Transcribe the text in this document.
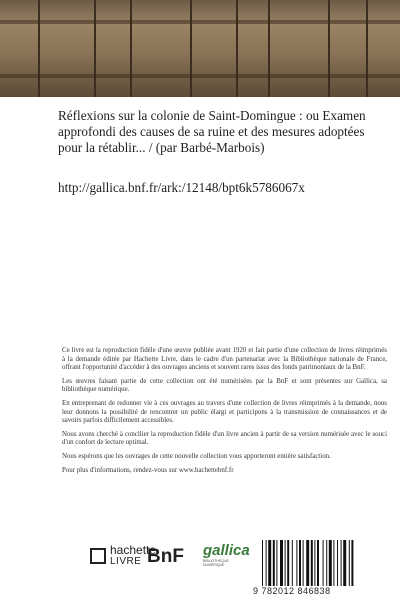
Réflexions sur la colonie de Saint-Domingue : ou Examen approfondi des causes de sa ruine et des mesures adoptées pour la rétablir... / (par Barbé-Marbois)
http://gallica.bnf.fr/ark:/12148/bpt6k5786067x

Ce livre est la reproduction fidèle d'une œuvre publiée avant 1920 et fait partie d'une collection de livres réimprimés à la demande éditée par Hachette Livre, dans le cadre d'un partenariat avec la Bibliothèque nationale de France, offrant l'opportunité d'accéder à des ouvrages anciens et souvent rares issus des fonds patrimoniaux de la BnF.

Les œuvres faisant partie de cette collection ont été numérisées par la BnF et sont présentes sur Gallica, sa bibliothèque numérique.

En entreprenant de redonner vie à ces ouvrages au travers d'une collection de livres réimprimés à la demande, nous leur donnons la possibilité de rencontrer un public élargi et participons à la transmission de connaissances et de savoirs parfois difficilement accessibles.

Nous avons cherché à concilier la reproduction fidèle d'un livre ancien à partir de sa version numérisée avec le souci d'un confort de lecture optimal.

Nous espérons que les ouvrages de cette nouvelle collection vous apporteront entière satisfaction.

Pour plus d'informations, rendez-vous sur www.hachettebnf.fr

hachette
LIVRE BnF gallica
BIBLIOTHÈQUE NUMÉRIQUE
9 782012 846838
